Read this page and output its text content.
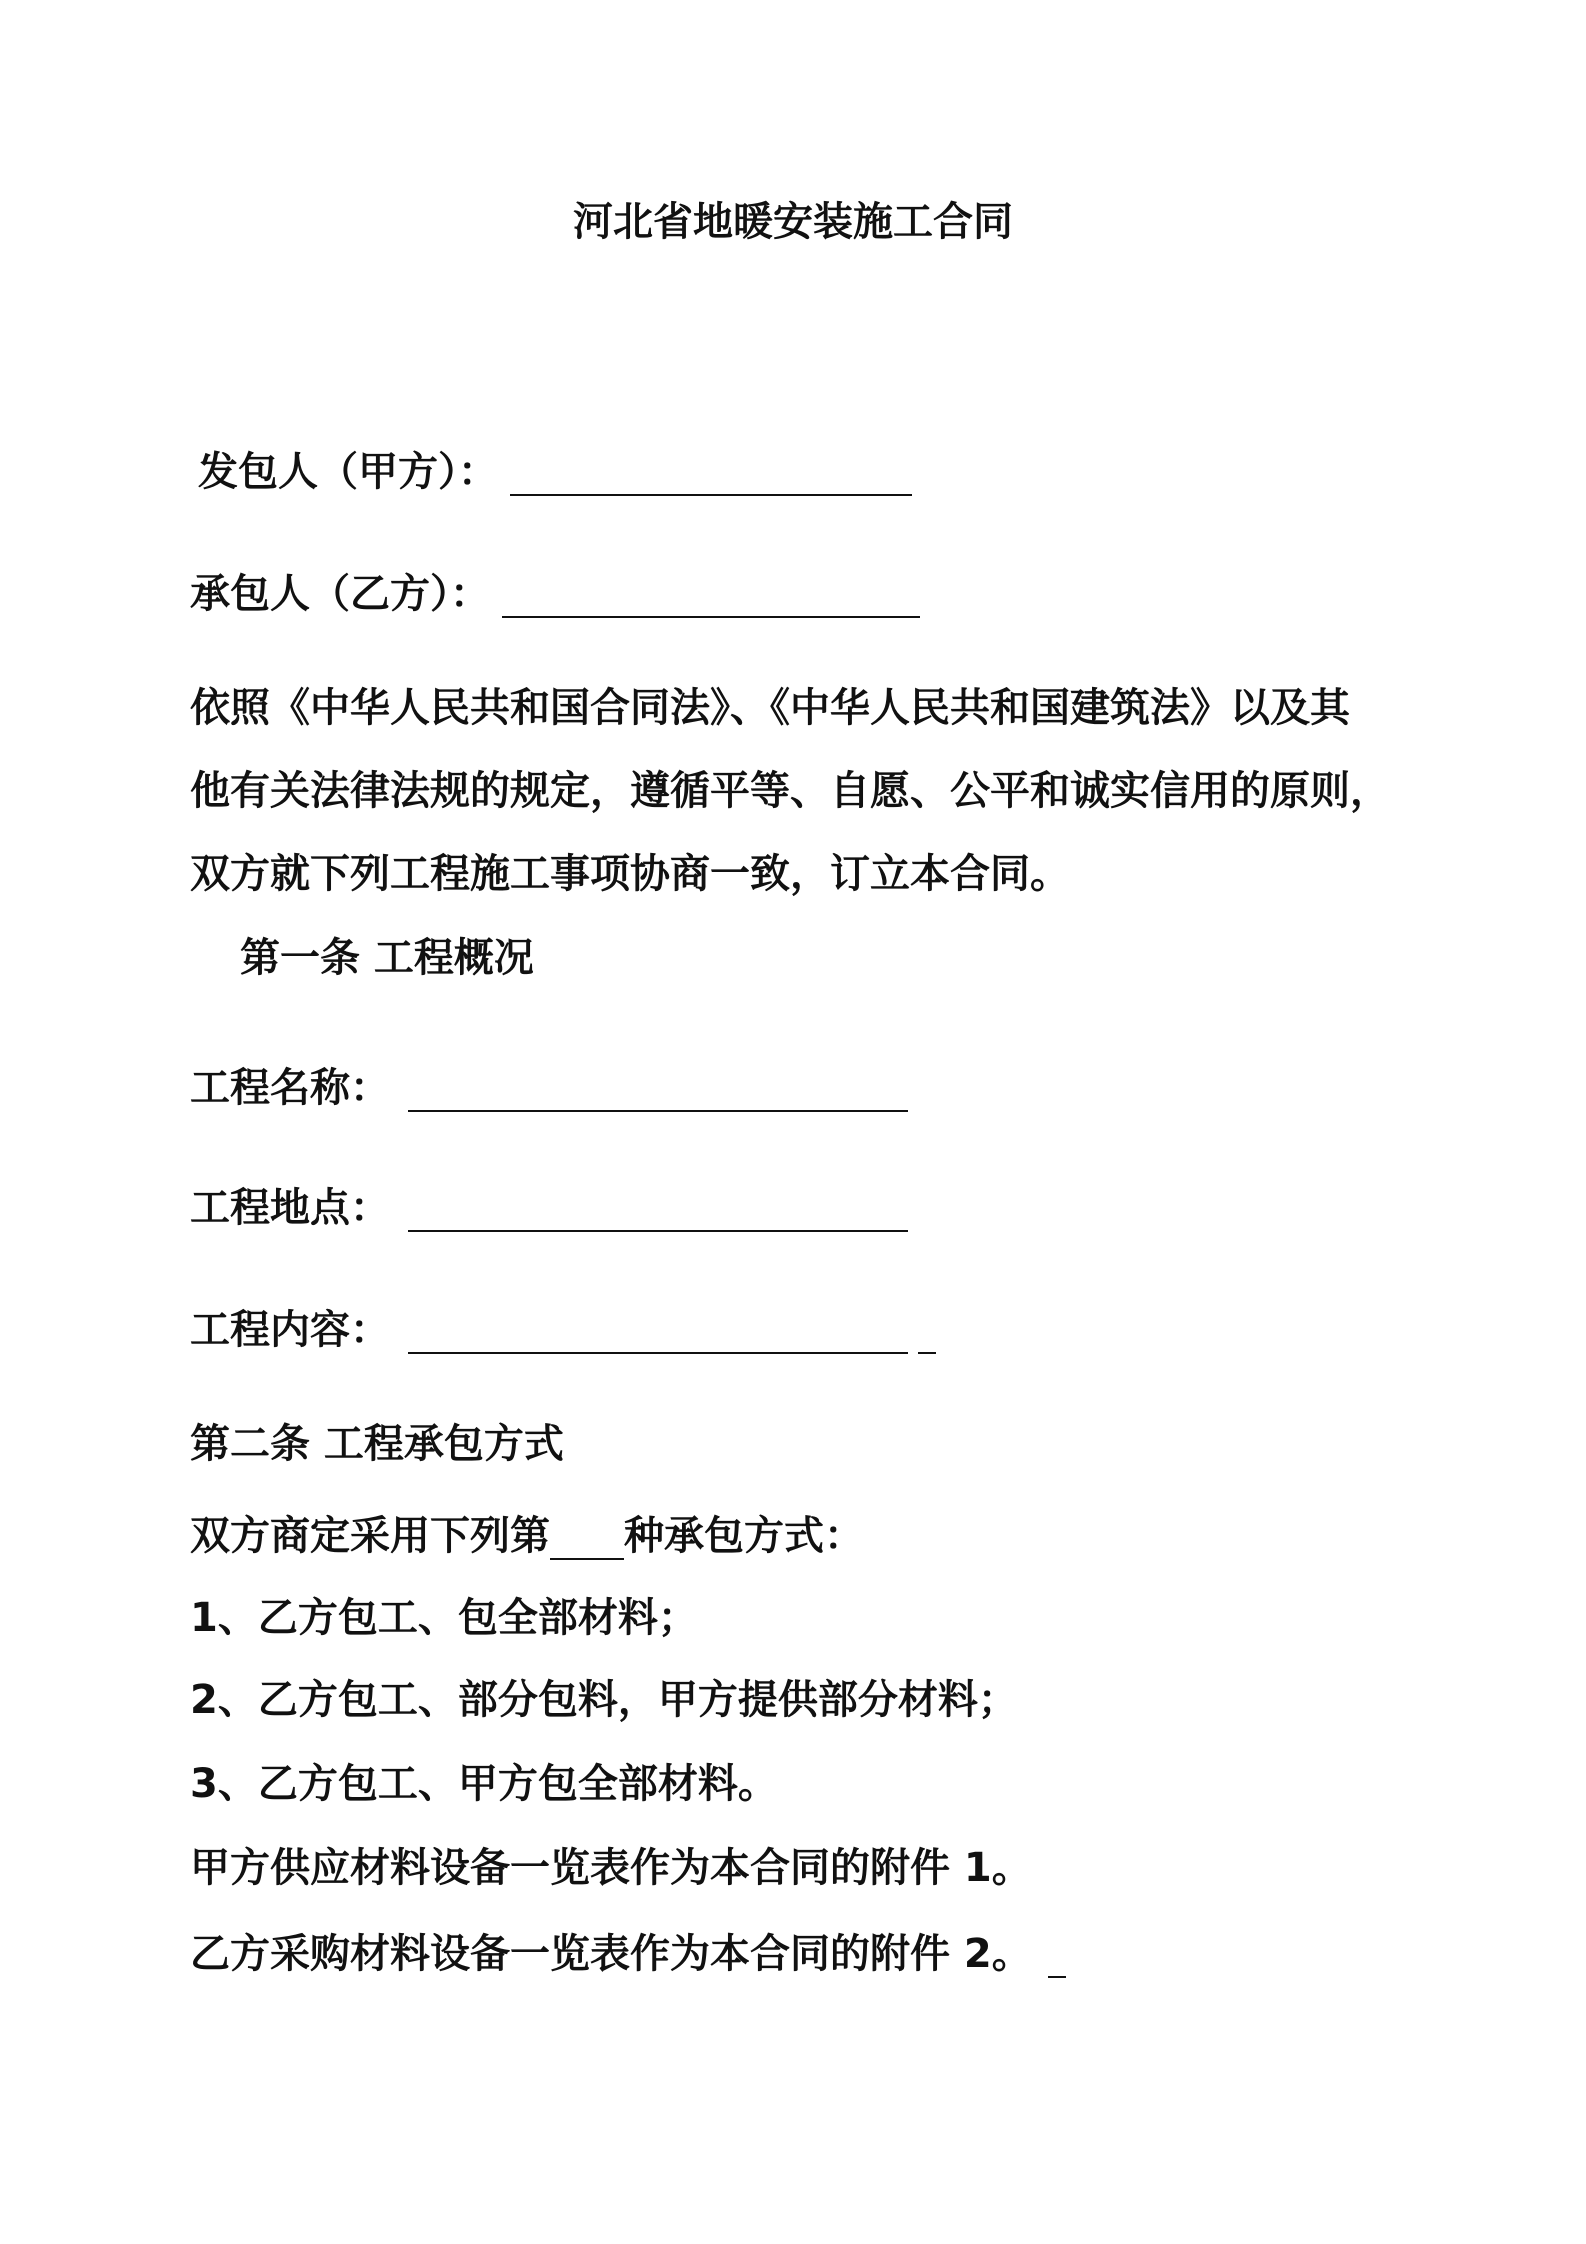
河北省地暖安装施工合同
发包人（甲方）：
承包人（乙方）：
依照《中华人民共和国合同法》、《中华人民共和国建筑法》以及其
他有关法律法规的规定，遵循平等、自愿、公平和诚实信用的原则，
双方就下列工程施工事项协商一致，订立本合同。
第一条 工程概况
工程名称：
工程地点：
工程内容：
第二条 工程承包方式
双方商定采用下列第 种承包方式：
1、乙方包工、包全部材料；
2、乙方包工、部分包料，甲方提供部分材料；
3、乙方包工、甲方包全部材料。
甲方供应材料设备一览表作为本合同的附件 1。
乙方采购材料设备一览表作为本合同的附件 2。
